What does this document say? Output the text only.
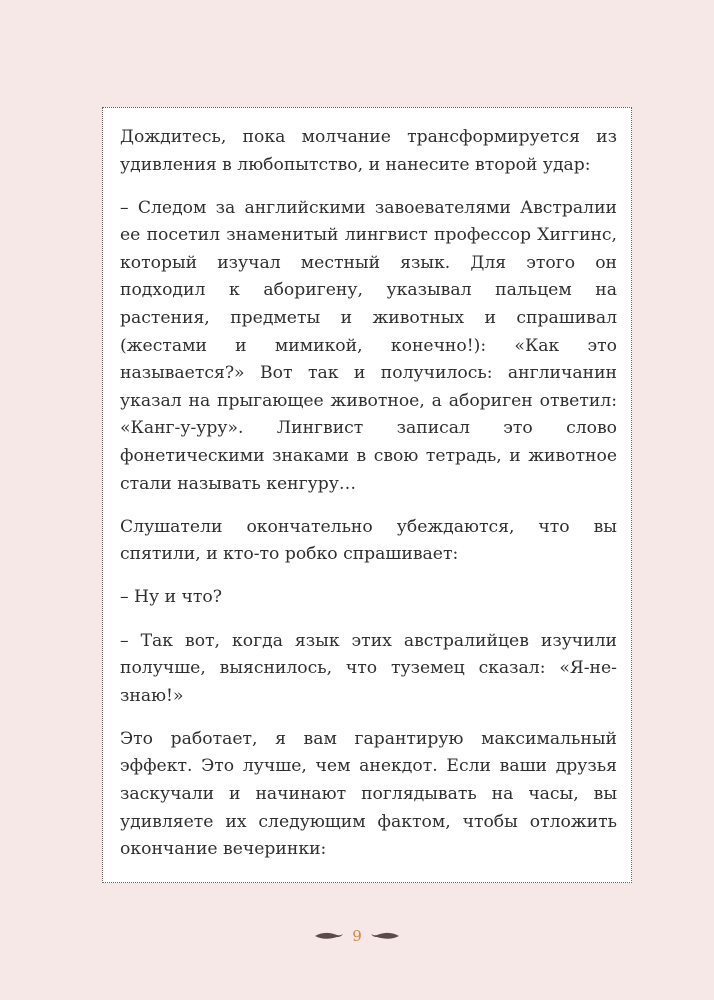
Дождитесь, пока молчание трансформируется из удивления в любопытство, и нанесите второй удар:

– Следом за английскими завоевателями Австралии ее посетил знаменитый лингвист профессор Хиггинс, который изучал местный язык. Для этого он подходил к аборигену, указывал пальцем на растения, предметы и животных и спрашивал (жестами и мимикой, конечно!): «Как это называется?» Вот так и получилось: англичанин указал на прыгающее животное, а абориген ответил: «Канг-у-уру». Лингвист записал это слово фонетическими знаками в свою тетрадь, и животное стали называть кенгуру…

Слушатели окончательно убеждаются, что вы спятили, и кто-то робко спрашивает:

– Ну и что?

– Так вот, когда язык этих австралийцев изучили получше, выяснилось, что туземец сказал: «Я-не-знаю!»

Это работает, я вам гарантирую максимальный эффект. Это лучше, чем анекдот. Если ваши друзья заскучали и начинают поглядывать на часы, вы удивляете их следующим фактом, чтобы отложить окончание вечеринки:

9
